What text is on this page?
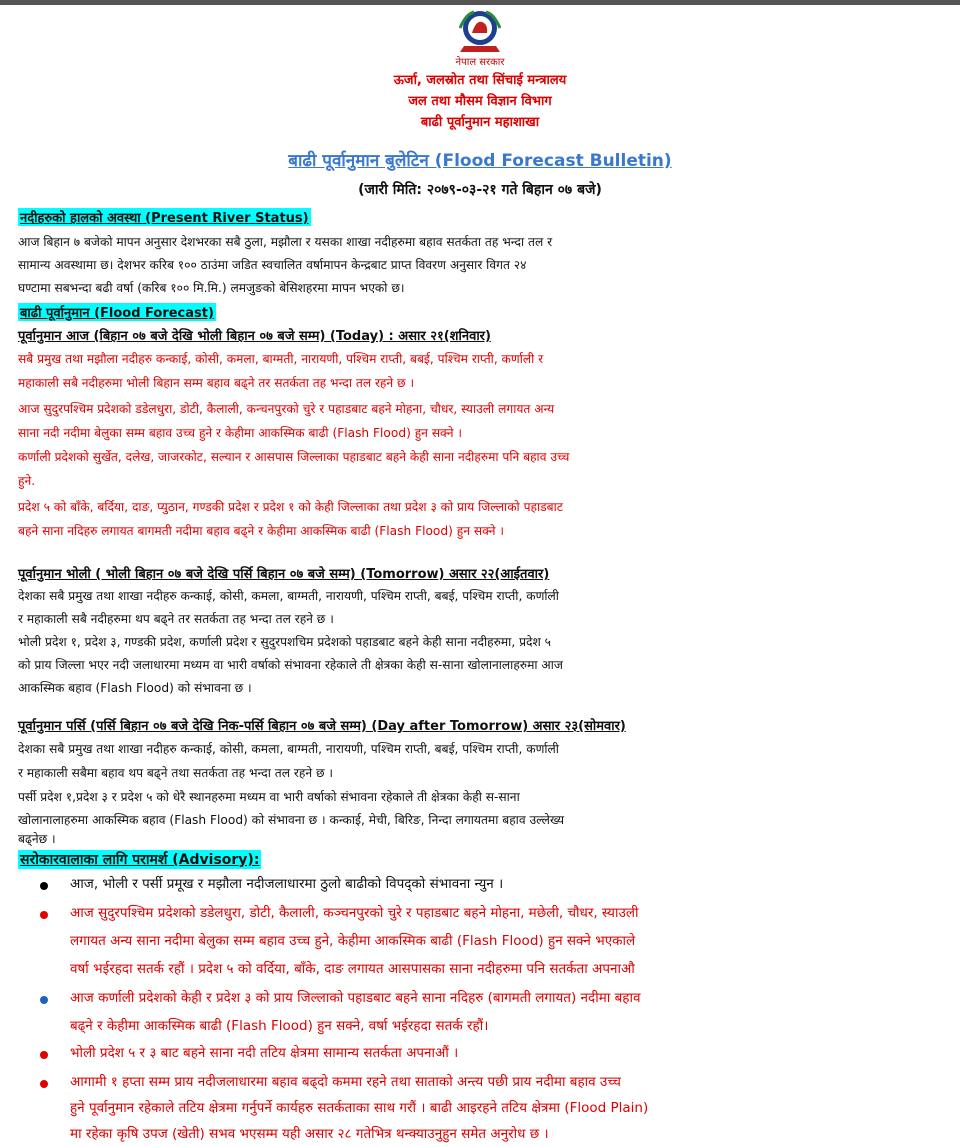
नेपाल सरकार
ऊर्जा, जलस्रोत तथा सिंचाई मन्त्रालय
जल तथा मौसम विज्ञान विभाग
बाढी पूर्वानुमान महाशाखा
बाढी पूर्वानुमान बुलेटिन (Flood Forecast Bulletin)
(जारी मिति: २०७९-०३-२१ गते बिहान ०७ बजे)
नदीहरुको हालको अवस्था (Present River Status)
आज बिहान ७ बजेको मापन अनुसार देशभरका सबै ठुला, मझौला र यसका शाखा नदीहरुमा बहाव सतर्कता तह भन्दा तल र
सामान्य अवस्थामा छ। देशभर करिब १०० ठाउंमा जडित स्वचालित वर्षामापन केन्द्रबाट प्राप्त विवरण अनुसार विगत २४
घण्टामा सबभन्दा बढी वर्षा (करिब १०० मि.मि.) लमजुङको बेसिशहरमा मापन भएको छ।
बाढी पूर्वानुमान (Flood Forecast)
पूर्वानुमान आज (बिहान ०७ बजे देखि भोली बिहान ०७ बजे सम्म) (Today) : असार २१(शनिवार)
सबै प्रमुख तथा मझौला नदीहरु कन्काई, कोसी, कमला, बाग्मती, नारायणी, पश्चिम राप्ती, बबई, पश्चिम राप्ती, कर्णाली र
महाकाली सबै नदीहरुमा भोली बिहान सम्म बहाव बढ्ने तर सतर्कता तह भन्दा तल रहने छ ।
आज सुदुरपश्चिम प्रदेशको डडेलधुरा, डोटी, कैलाली, कन्चनपुरको चुरे र पहाडबाट बहने मोहना, चौधर, स्याउली लगायत अन्य
साना नदी नदीमा बेलुका सम्म बहाव उच्च हुने र केहीमा आकस्मिक बाढी (Flash Flood) हुन सक्ने ।
कर्णाली प्रदेशको सुर्खेत, दलेख, जाजरकोट, सल्यान र आसपास जिल्लाका पहाडबाट बहने केही साना नदीहरुमा पनि बहाव उच्च
हुने.
प्रदेश ५ को बाँके, बर्दिया, दाङ, प्युठान, गण्डकी प्रदेश र प्रदेश १ को केही जिल्लाका तथा प्रदेश ३ को प्राय जिल्लाको पहाडबाट
बहने साना नदिहरु लगायत बागमती नदीमा बहाव बढ्ने र केहीमा आकस्मिक बाढी (Flash Flood) हुन सक्ने ।
पूर्वानुमान भोली ( भोली बिहान ०७ बजे देखि पर्सि बिहान ०७ बजे सम्म) (Tomorrow) असार २२(आईतवार)
देशका सबै प्रमुख तथा शाखा नदीहरु कन्काई, कोसी, कमला, बाग्मती, नारायणी, पश्चिम राप्ती, बबई, पश्चिम राप्ती, कर्णाली
र महाकाली सबै नदीहरुमा थप बढ्ने तर सतर्कता तह भन्दा तल रहने छ ।
भोली प्रदेश १, प्रदेश ३, गण्डकी प्रदेश, कर्णाली प्रदेश र सुदुरपशचिम प्रदेशको पहाडबाट बहने केही साना नदीहरुमा, प्रदेश ५
को प्राय जिल्ला भएर नदी जलाधारमा मध्यम वा भारी वर्षाको संभावना रहेकाले ती क्षेत्रका केही स-साना खोलानालाहरुमा आज
आकस्मिक बहाव (Flash Flood) को संभावना छ ।
पूर्वानुमान पर्सि (पर्सि बिहान ०७ बजे देखि निक-पर्सि बिहान ०७ बजे सम्म) (Day after Tomorrow) असार २३(सोमवार)
देशका सबै प्रमुख तथा शाखा नदीहरु कन्काई, कोसी, कमला, बाग्मती, नारायणी, पश्चिम राप्ती, बबई, पश्चिम राप्ती, कर्णाली
र महाकाली सबैमा बहाव थप बढ्ने तथा सतर्कता तह भन्दा तल रहने छ ।
पर्सी प्रदेश १,प्रदेश ३ र प्रदेश ५ को धेरै स्थानहरुमा मध्यम वा भारी वर्षाको संभावना रहेकाले ती क्षेत्रका केही स-साना
खोलानालाहरुमा आकस्मिक बहाव (Flash Flood) को संभावना छ । कन्काई, मेची, बिरिङ, निन्दा लगायतमा बहाव उल्लेख्य
बढ्नेछ ।
सरोकारवालाका लागि परामर्श (Advisory):
आज, भोली र पर्सी प्रमूख र मझौला नदीजलाधारमा ठुलो बाढीको विपद्को संभावना न्युन ।
आज सुदुरपश्चिम प्रदेशको डडेलधुरा, डोटी, कैलाली, कञ्चनपुरको चुरे र पहाडबाट बहने मोहना, मछेली, चौधर, स्याउली
लगायत अन्य साना नदीमा बेलुका सम्म बहाव उच्च हुने, केहीमा आकस्मिक बाढी (Flash Flood) हुन सक्ने भएकाले
वर्षा भईरहदा सतर्क रहौं । प्रदेश ५ को वर्दिया, बाँके, दाङ लगायत आसपासका साना नदीहरुमा पनि सतर्कता अपनाऔ
आज कर्णाली प्रदेशको केही र प्रदेश ३ को प्राय जिल्लाको पहाडबाट बहने साना नदिहरु (बागमती लगायत) नदीमा बहाव
बढ्ने र केहीमा आकस्मिक बाढी (Flash Flood) हुन सक्ने, वर्षा भईरहदा सतर्क रहौं।
भोली प्रदेश ५ र ३ बाट बहने साना नदी तटिय क्षेत्रमा सामान्य सतर्कता अपनाऔं ।
आगामी १ हप्ता सम्म प्राय नदीजलाधारमा बहाव बढ्दो कममा रहने तथा साताको अन्त्य पछी प्राय नदीमा बहाव उच्च
हुने पूर्वानुमान रहेकाले तटिय क्षेत्रमा गर्नुपर्ने कार्यहरु सतर्कताका साथ गरौं । बाढी आइरहने तटिय क्षेत्रमा (Flood Plain)
मा रहेका कृषि उपज (खेती) सभव भएसम्म यही असार २८ गतेभित्र थन्क्याउनुहुन समेत अनुरोध छ ।
